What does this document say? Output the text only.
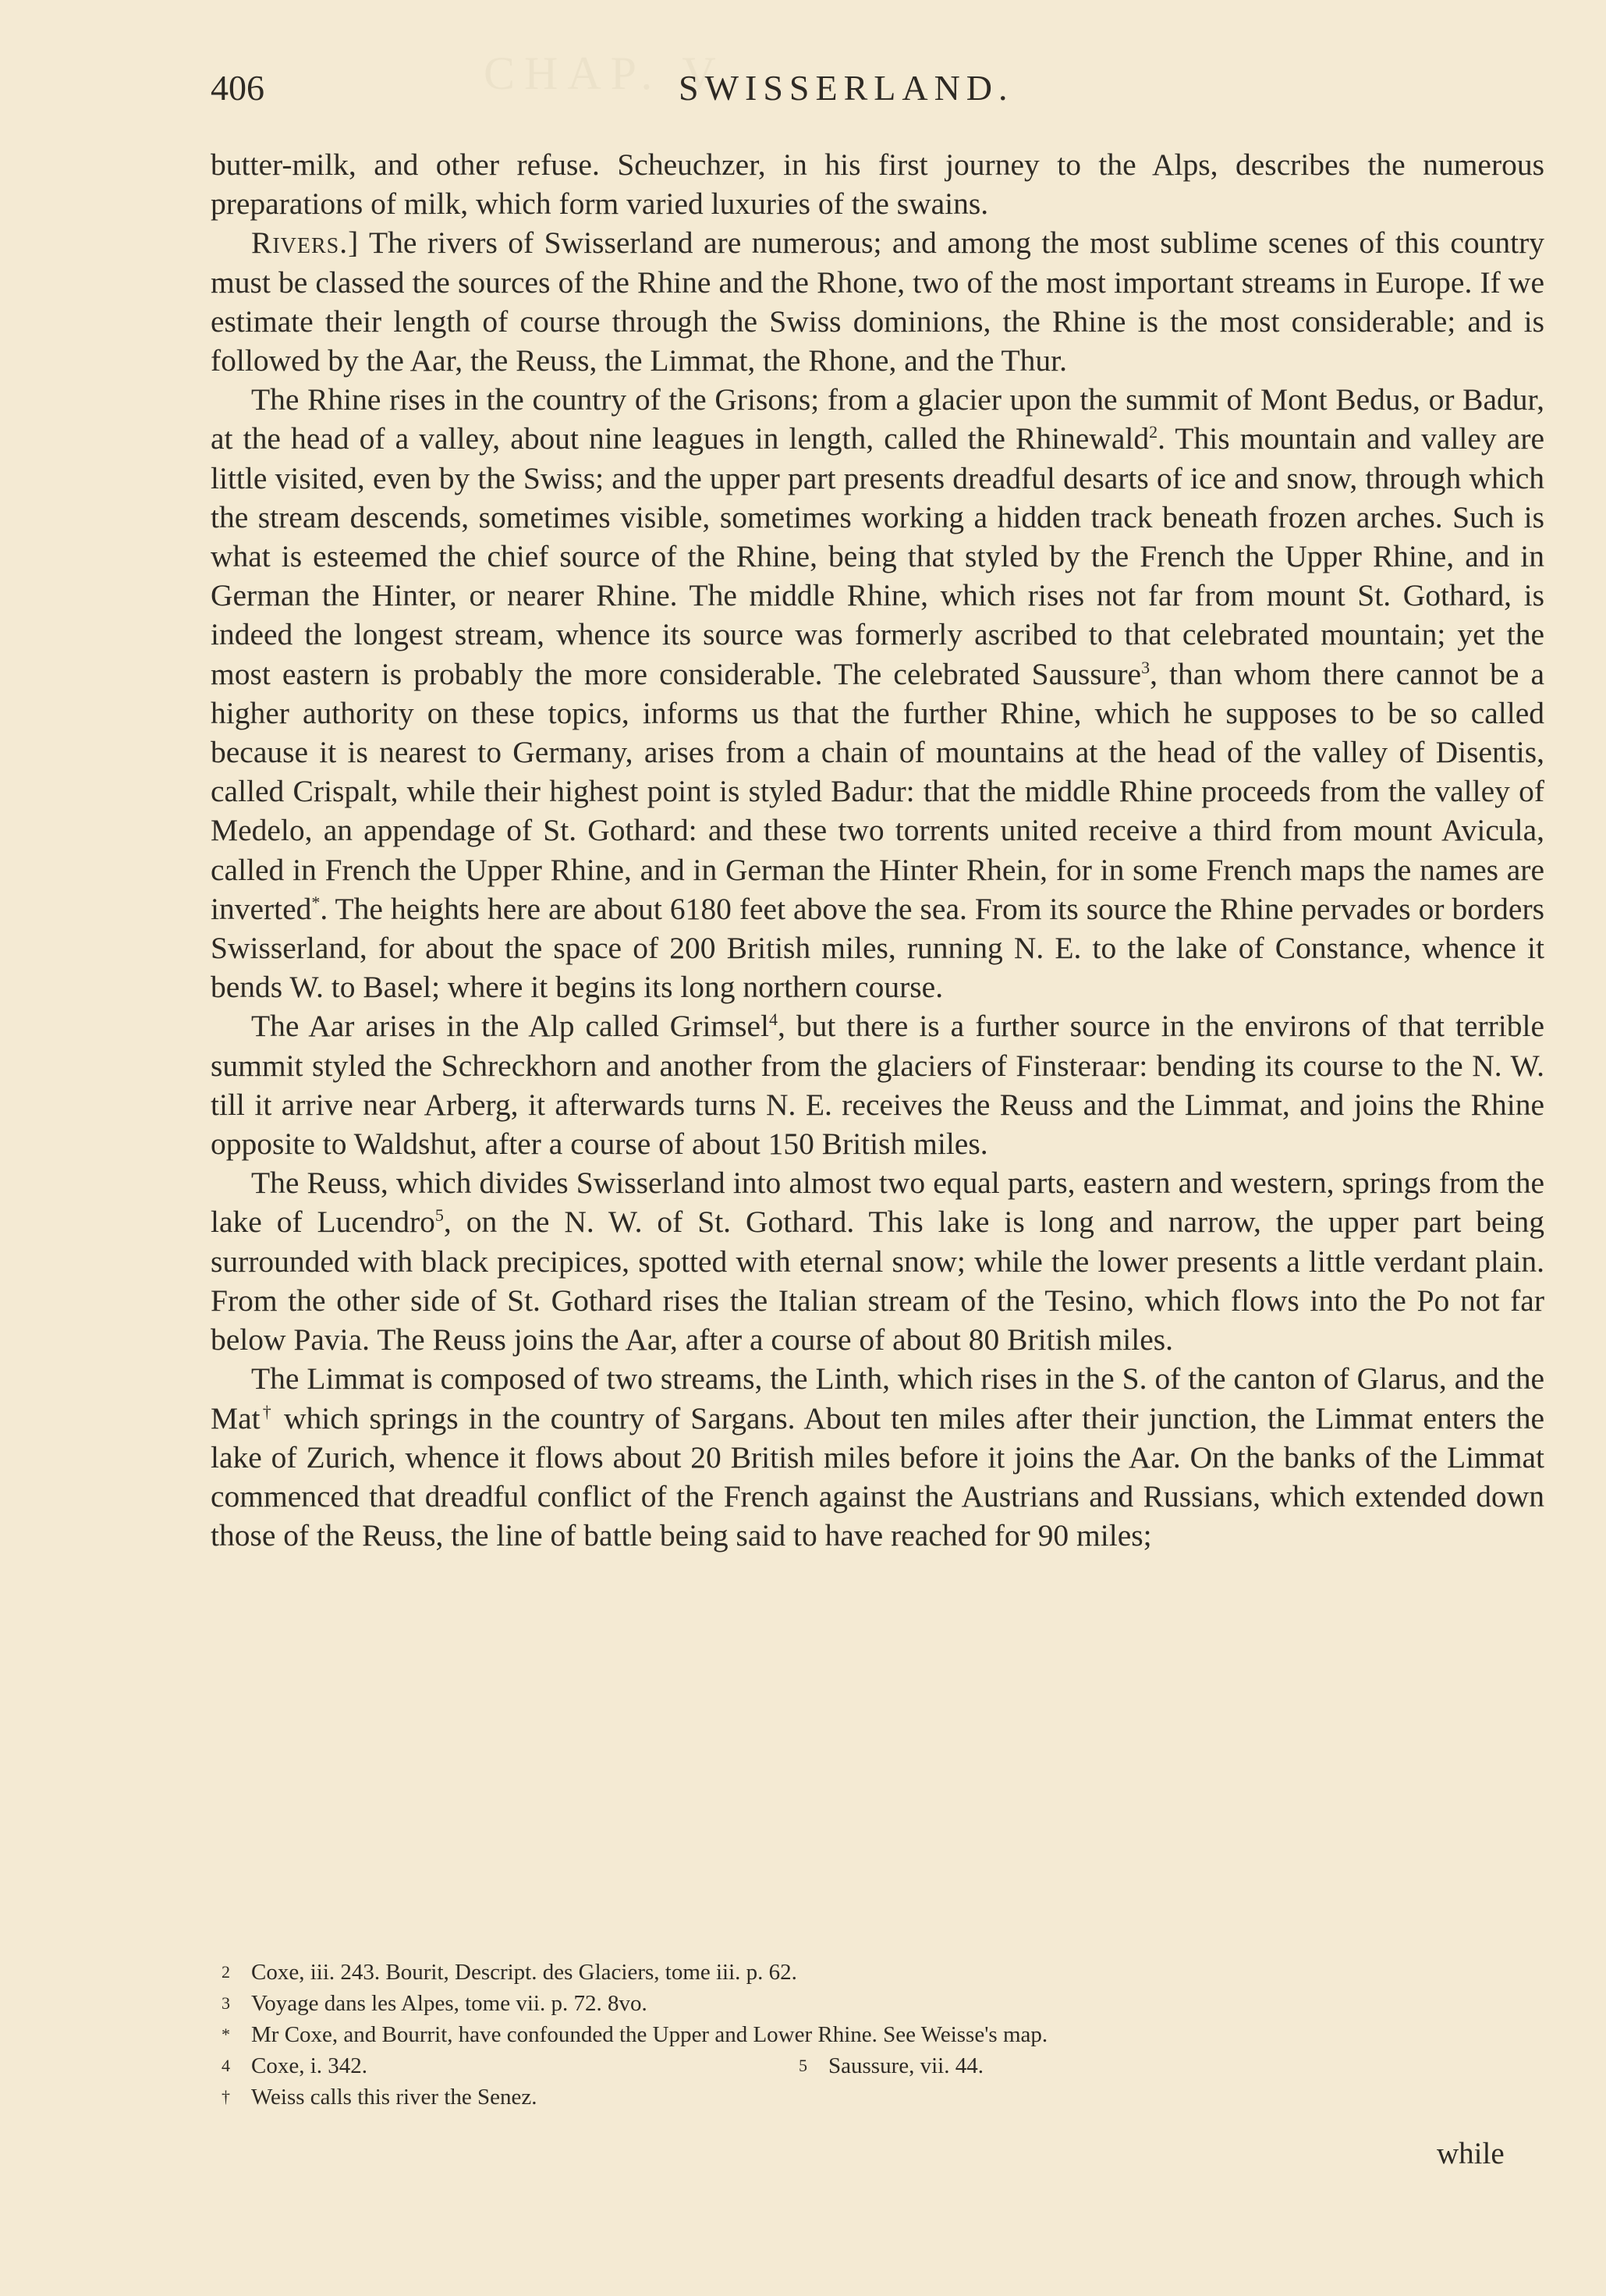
CHAP. V
406	SWISSERLAND.

butter-milk, and other refuse. Scheuchzer, in his first journey to the Alps, describes the numerous preparations of milk, which form varied luxuries of the swains.

Rivers.] The rivers of Swisserland are numerous; and among the most sublime scenes of this country must be classed the sources of the Rhine and the Rhone, two of the most important streams in Europe. If we estimate their length of course through the Swiss dominions, the Rhine is the most considerable; and is followed by the Aar, the Reuss, the Limmat, the Rhone, and the Thur.

The Rhine rises in the country of the Grisons; from a glacier upon the summit of Mont Bedus, or Badur, at the head of a valley, about nine leagues in length, called the Rhinewald$^2$. This mountain and valley are little visited, even by the Swiss; and the upper part presents dreadful desarts of ice and snow, through which the stream descends, sometimes visible, sometimes working a hidden track beneath frozen arches. Such is what is esteemed the chief source of the Rhine, being that styled by the French the Upper Rhine, and in German the Hinter, or nearer Rhine. The middle Rhine, which rises not far from mount St. Gothard, is indeed the longest stream, whence its source was formerly ascribed to that celebrated mountain; yet the most eastern is probably the more considerable. The celebrated Saussure$^3$, than whom there cannot be a higher authority on these topics, informs us that the further Rhine, which he supposes to be so called because it is nearest to Germany, arises from a chain of mountains at the head of the valley of Disentis, called Crispalt, while their highest point is styled Badur: that the middle Rhine proceeds from the valley of Medelo, an appendage of St. Gothard: and these two torrents united receive a third from mount Avicula, called in French the Upper Rhine, and in German the Hinter Rhein, for in some French maps the names are inverted*. The heights here are about 6180 feet above the sea. From its source the Rhine pervades or borders Swisserland, for about the space of 200 British miles, running N. E. to the lake of Constance, whence it bends W. to Basel; where it begins its long northern course.

The Aar arises in the Alp called Grimsel$^4$, but there is a further source in the environs of that terrible summit styled the Schreckhorn and another from the glaciers of Finsteraar: bending its course to the N. W. till it arrive near Arberg, it afterwards turns N. E. receives the Reuss and the Limmat, and joins the Rhine opposite to Waldshut, after a course of about 150 British miles.

The Reuss, which divides Swisserland into almost two equal parts, eastern and western, springs from the lake of Lucendro$^5$, on the N. W. of St. Gothard. This lake is long and narrow, the upper part being surrounded with black precipices, spotted with eternal snow; while the lower presents a little verdant plain. From the other side of St. Gothard rises the Italian stream of the Tesino, which flows into the Po not far below Pavia. The Reuss joins the Aar, after a course of about 80 British miles.

The Limmat is composed of two streams, the Linth, which rises in the S. of the canton of Glarus, and the Mat† which springs in the country of Sargans. About ten miles after their junction, the Limmat enters the lake of Zurich, whence it flows about 20 British miles before it joins the Aar. On the banks of the Limmat commenced that dreadful conflict of the French against the Austrians and Russians, which extended down those of the Reuss, the line of battle being said to have reached for 90 miles;

2 Coxe, iii. 243. Bourit, Descript. des Glaciers, tome iii. p. 62.
3 Voyage dans les Alpes, tome vii. p. 72. 8vo.
* Mr Coxe, and Bourrit, have confounded the Upper and Lower Rhine. See Weisse's map.
4 Coxe, i. 342.	5 Saussure, vii. 44.
† Weiss calls this river the Senez.
while
